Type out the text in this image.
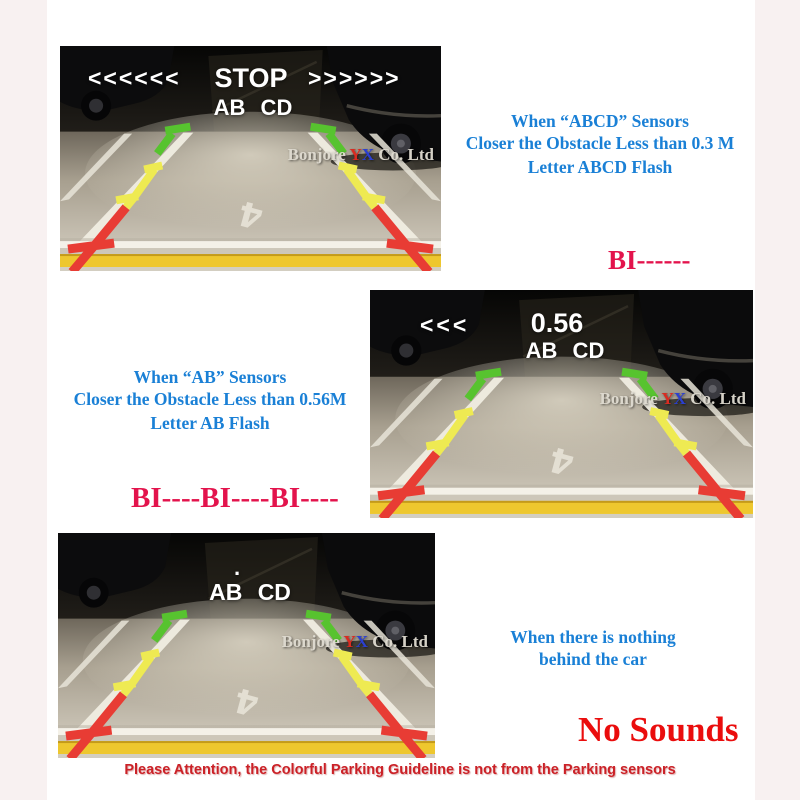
<<<<<< STOP >>>>>>
AB CD
Bonjore YX Co. Ltd
<<< 0.56
AB CD
Bonjore YX Co. Ltd
.
AB CD
Bonjore YX Co. Ltd
When “ABCD” Sensors
Closer the Obstacle Less than 0.3 M
Letter ABCD Flash
BI------
When “AB” Sensors
Closer the Obstacle Less than 0.56M
Letter AB Flash
BI----BI----BI----
When there is nothing
behind the car
No Sounds
Please Attention, the Colorful Parking Guideline is not from the Parking sensors
